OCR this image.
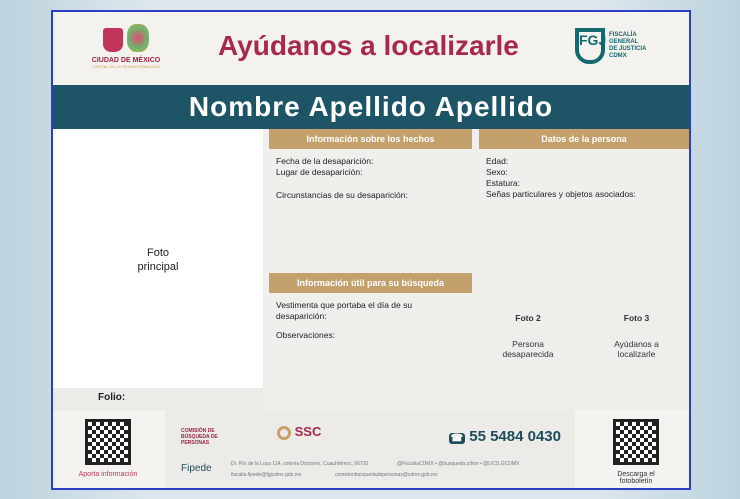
CIUDAD DE MÉXICO
CAPITAL DE LA TRANSFORMACIÓN
Ayúdanos a localizarle	FGJ FISCALÍA
GENERAL
DE JUSTICIA
CDMX
Nombre Apellido Apellido
Foto
principal
Folio:
Información sobre los hechos
Fecha de la desaparición:
Lugar de desaparición:
Circunstancias de su desaparición:
Datos de la persona
Edad:
Sexo:
Estatura:
Señas particulares y objetos asociados:
Información útil para su búsqueda
Vestimenta que portaba el día de su desaparición:
Observaciones:
Foto 2
Persona desaparecida
Foto 3
Ayúdanos a localizarle
Aporta información
COMISIÓN DE BÚSQUEDA DE PERSONAS
SSC	☎ 55 5484 0430
Fipede	Dr. Río de la Loza 114, colonia Doctores, Cuauhtémoc, 06720
fiscalia.fipede@fgjcdmx.gob.mx
@FiscaliaCDMX • @busqueda.cdmx • @LICS.GCDMX
comisionbusquedadepersonas@cdmx.gob.mx	Descarga el fotoboletín
